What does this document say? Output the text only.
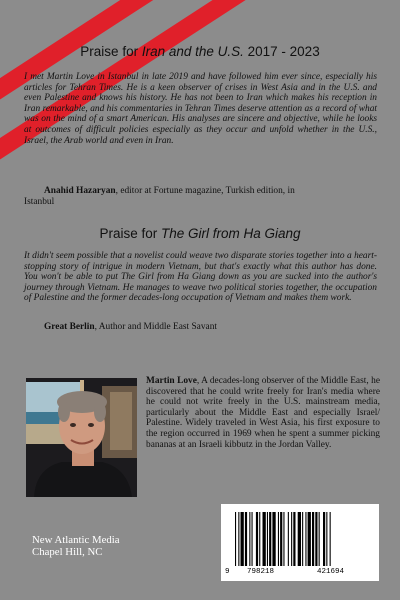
Praise for Iran and the U.S. 2017 - 2023

I met Martin Love in Istanbul in late 2019 and have followed him ever since, especially his articles for Tehran Times. He is a keen observer of crises in West Asia and in the U.S. and even Palestine and knows his history. He has not been to Iran which makes his reception in Iran remarkable, and his commentaries in Tehran Times deserve attention as a record of what was on the mind of a smart American. His analyses are sincere and objective, while he looks at outcomes of difficult policies especially as they occur and unfold whether in the U.S., Israel, the Arab world and even in Iran.

Anahid Hazaryan, editor at Fortune magazine, Turkish edition, in

Istanbul

Praise for The Girl from Ha Giang

It didn't seem possible that a novelist could weave two disparate stories together into a heart-stopping story of intrigue in modern Vietnam, but that's exactly what this author has done. You won't be able to put The Girl from Ha Giang down as you are sucked into the author's journey through Vietnam. He manages to weave two political stories together, the occupation of Palestine and the former decades-long occupation of Vietnam and makes them work.

Great Berlin, Author and Middle East Savant

Martin Love, A decades-long observer of the Middle East, he discovered that he could write freely for Iran's media where he could not write freely in the U.S. mainstream media, particularly about the Middle East and especially Israel/ Palestine. Widely traveled in West Asia, his first exposure to the region occurred in 1969 when he spent a summer picking bananas at an Israeli kibbutz in the Jordan Valley.

New Atlantic Media
Chapel Hill, NC
9 798218	421694
